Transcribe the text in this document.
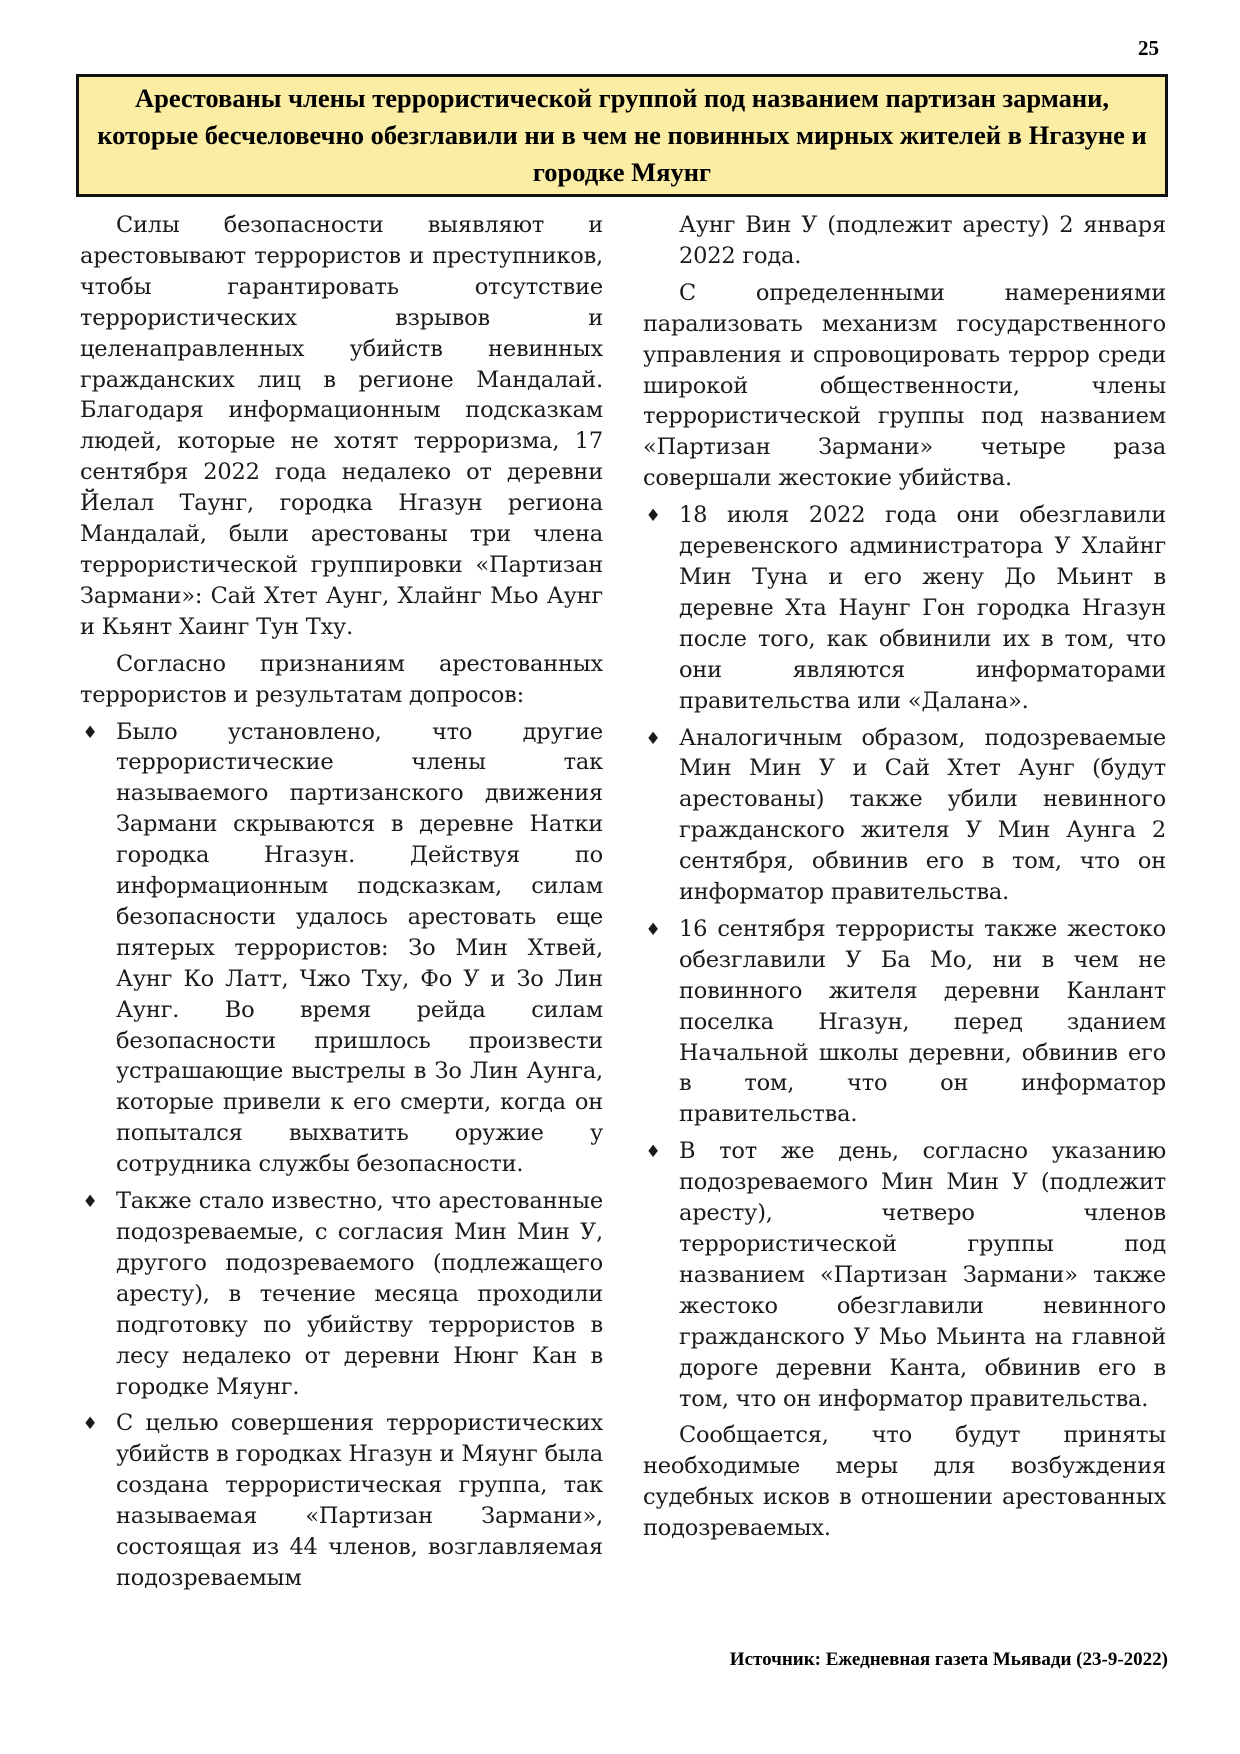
25
Арестованы члены террористической группой под названием партизан зармани, которые бесчеловечно обезглавили ни в чем не повинных мирных жителей в Нгазуне и городке Мяунг

Силы безопасности выявляют и арестовывают террористов и преступников, чтобы гарантировать отсутствие террористических взрывов и целенаправленных убийств невинных гражданских лиц в регионе Мандалай. Благодаря информационным подсказкам людей, которые не хотят терроризма, 17 сентября 2022 года недалеко от деревни Йелал Таунг, городка Нгазун региона Мандалай, были арестованы три члена террористической группировки «Партизан Зармани»: Сай Хтет Аунг, Хлайнг Мьо Аунг и Кьянт Хаинг Тун Тху.

Согласно признаниям арестованных террористов и результатам допросов:

♦ Было установлено, что другие террористические члены так называемого партизанского движения Зармани скрываются в деревне Натки городка Нгазун. Действуя по информационным подсказкам, силам безопасности удалось арестовать еще пятерых террористов: Зо Мин Хтвей, Аунг Ко Латт, Чжо Тху, Фо У и Зо Лин Аунг. Во время рейда силам безопасности пришлось произвести устрашающие выстрелы в Зо Лин Аунга, которые привели к его смерти, когда он попытался выхватить оружие у сотрудника службы безопасности.
♦ Также стало известно, что арестованные подозреваемые, с согласия Мин Мин У, другого подозреваемого (подлежащего аресту), в течение месяца проходили подготовку по убийству террористов в лесу недалеко от деревни Нюнг Кан в городке Мяунг.
♦ С целью совершения террористических убийств в городках Нгазун и Мяунг была создана террористическая группа, так называемая «Партизан Зармани», состоящая из 44 членов, возглавляемая подозреваемым

Аунг Вин У (подлежит аресту) 2 января 2022 года.

С определенными намерениями парализовать механизм государственного управления и спровоцировать террор среди широкой общественности, члены террористической группы под названием «Партизан Зармани» четыре раза совершали жестокие убийства.

♦ 18 июля 2022 года они обезглавили деревенского администратора У Хлайнг Мин Туна и его жену До Мьинт в деревне Хта Наунг Гон городка Нгазун после того, как обвинили их в том, что они являются информаторами правительства или «Далана».
♦ Аналогичным образом, подозреваемые Мин Мин У и Сай Хтет Аунг (будут арестованы) также убили невинного гражданского жителя У Мин Аунга 2 сентября, обвинив его в том, что он информатор правительства.
♦ 16 сентября террористы также жестоко обезглавили У Ба Мо, ни в чем не повинного жителя деревни Канлант поселка Нгазун, перед зданием Начальной школы деревни, обвинив его в том, что он информатор правительства.
♦ В тот же день, согласно указанию подозреваемого Мин Мин У (подлежит аресту), четверо членов террористической группы под названием «Партизан Зармани» также жестоко обезглавили невинного гражданского У Мьо Мьинта на главной дороге деревни Канта, обвинив его в том, что он информатор правительства.

Сообщается, что будут приняты необходимые меры для возбуждения судебных исков в отношении арестованных подозреваемых.

Источник: Ежедневная газета Мьявади (23-9-2022)
